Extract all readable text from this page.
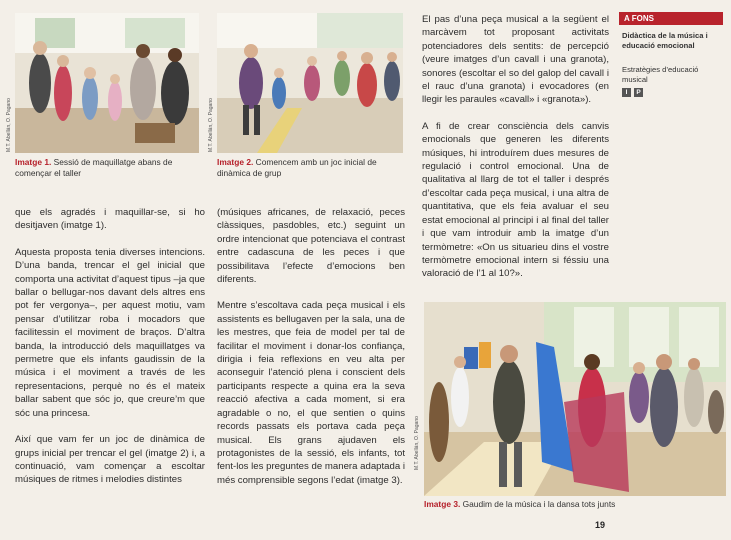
M.T. Abellán, O. Pagano
Imatge 1. Sessió de maquillatge abans de començar el taller
M.T. Abellán, O. Pagano
Imatge 2. Comencem amb un joc inicial de dinàmica de grup

que els agradés i maquillar-se, si ho desitjaven (imatge 1).

Aquesta proposta tenia diverses intencions. D’una banda, trencar el gel inicial que comporta una activitat d’aquest tipus –ja que ballar o bellugar-nos davant dels altres ens pot fer vergonya–, per aquest motiu, vam pensar d’utilitzar roba i mocadors que facilitessin el moviment de braços. D’altra banda, la introducció dels maquillatges va permetre que els infants gaudissin de la música i el moviment a través de les representacions, perquè no és el mateix ballar sabent que sóc jo, que creure’m que sóc una princesa.

Així que vam fer un joc de dinàmica de grups inicial per trencar el gel (imatge 2) i, a continuació, vam començar a escoltar músiques de ritmes i melodies distintes

(músiques africanes, de relaxació, peces clàssiques, pasdobles, etc.) seguint un ordre intencionat que potenciava el contrast entre cadascuna de les peces i que possibilitava l’efecte d’emocions ben diferents.

Mentre s’escoltava cada peça musical i els assistents es bellugaven per la sala, una de les mestres, que feia de model per tal de facilitar el moviment i donar-los confiança, dirigia i feia reflexions en veu alta per aconseguir l’atenció plena i conscient dels participants respecte a quina era la seva reacció afectiva a cada moment, si era agradable o no, el que sentien o quins records passats els portava cada peça musical. Els grans ajudaven els protagonistes de la sessió, els infants, tot fent-los les preguntes de manera adaptada i més comprensible segons l’edat (imatge 3).

El pas d’una peça musical a la següent el marcàvem tot proposant activitats potenciadores dels sentits: de percepció (veure imatges d’un cavall i una granota), sonores (escoltar el so del galop del cavall i el rauc d’una granota) i evocadores (en llegir les paraules «cavall» i «granota»).

A fi de crear consciència dels canvis emocionals que generen les diferents músiques, hi introduírem dues mesures de regulació i control emocional. Una de qualitativa al llarg de tot el taller i després d’escoltar cada peça musical, i una altra de quantitativa, que els feia avaluar el seu estat emocional al principi i al final del taller i que vam introduir amb la imatge d’un termòmetre: «On us situarieu dins el vostre termòmetre emocional intern si féssiu una valoració de l’1 al 10?».

A FONS
Didàctica de la música i educació emocional
Estratègies d’educació musical
I	P
M.T. Abellán, O. Pagano
Imatge 3. Gaudim de la música i la dansa tots junts
19
